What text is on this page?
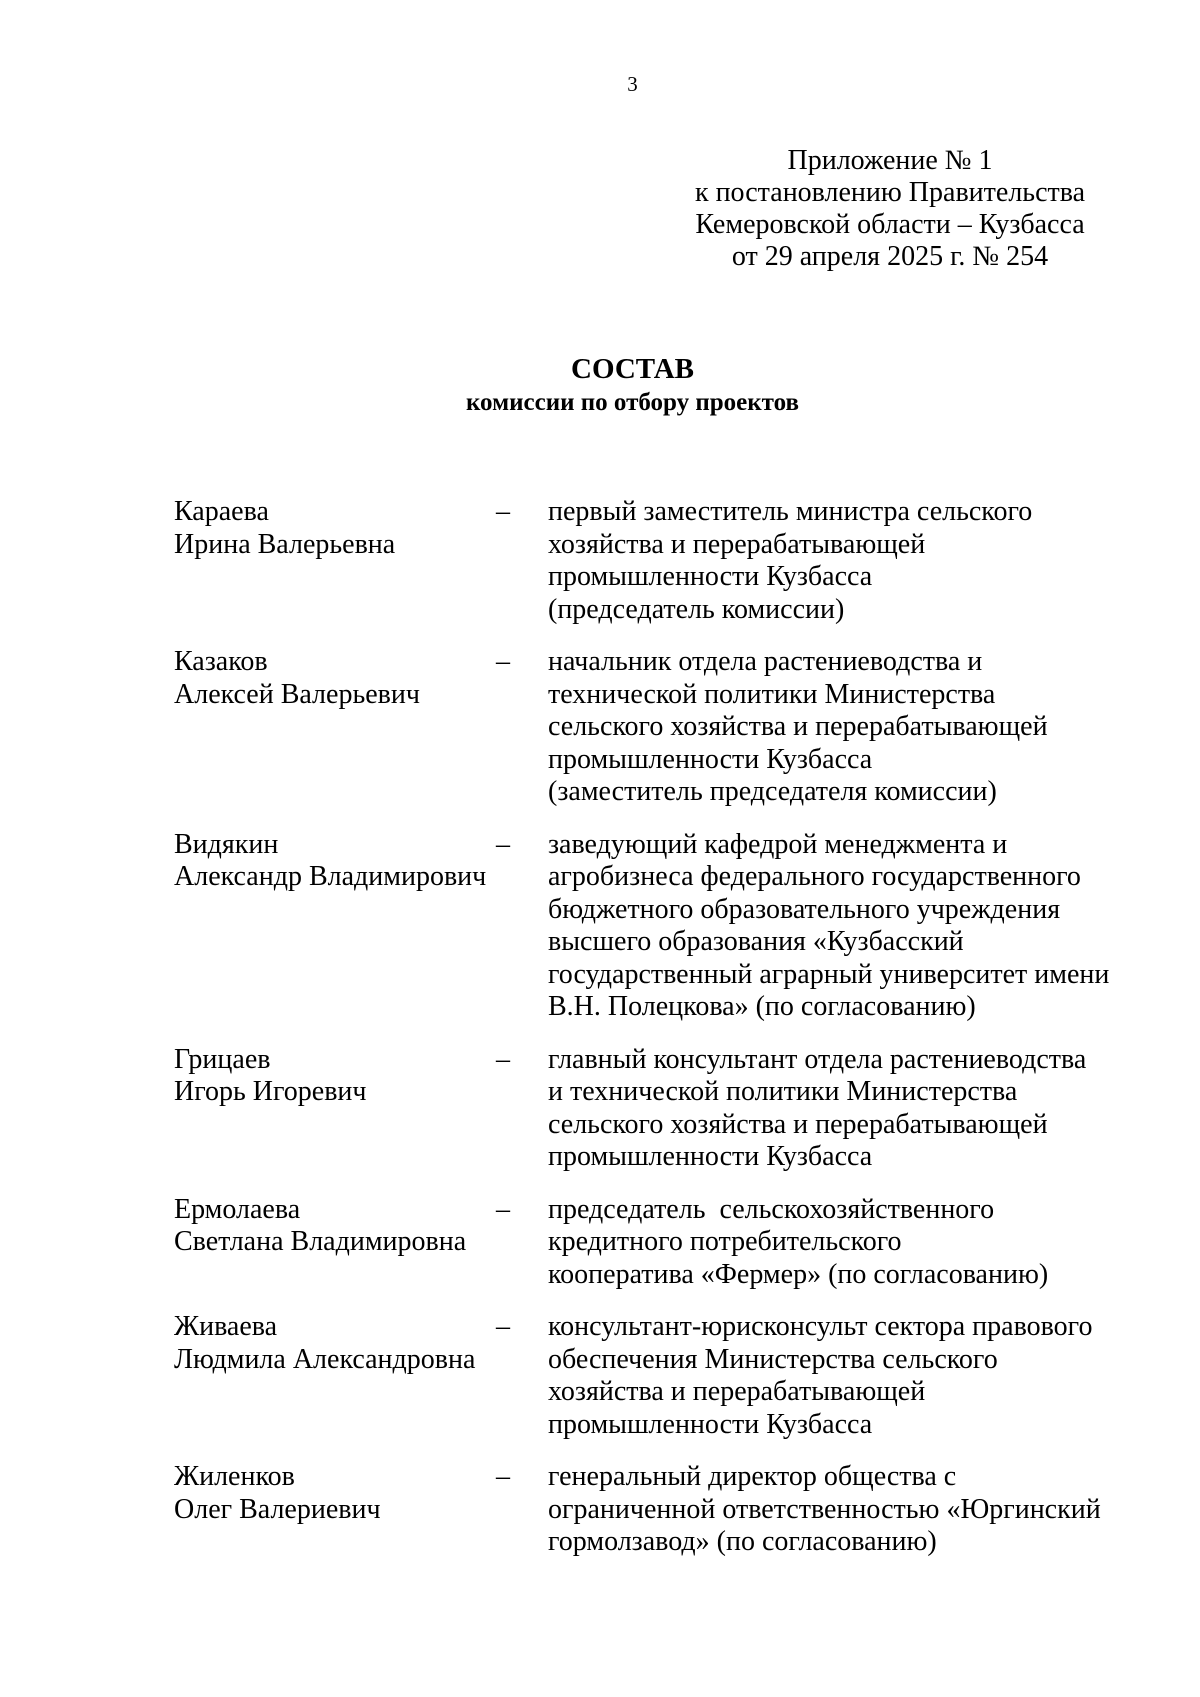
3
Приложение № 1
к постановлению Правительства
Кемеровской области – Кузбасса
от 29 апреля 2025 г. № 254
СОСТАВ
комиссии по отбору проектов
Караева
Ирина Валерьевна
–	первый заместитель министра сельского
хозяйства и перерабатывающей
промышленности Кузбасса
(председатель комиссии)
Казаков
Алексей Валерьевич
–	начальник отдела растениеводства и
технической политики Министерства
сельского хозяйства и перерабатывающей
промышленности Кузбасса
(заместитель председателя комиссии)
Видякин
Александр Владимирович
–	заведующий кафедрой менеджмента и
агробизнеса федерального государственного
бюджетного образовательного учреждения
высшего образования «Кузбасский
государственный аграрный университет имени
В.Н. Полецкова» (по согласованию)
Грицаев
Игорь Игоревич
–	главный консультант отдела растениеводства
и технической политики Министерства
сельского хозяйства и перерабатывающей
промышленности Кузбасса
Ермолаева
Светлана Владимировна
–	председатель  сельскохозяйственного
кредитного потребительского
кооператива «Фермер» (по согласованию)
Живаева
Людмила Александровна
–	консультант-юрисконсульт сектора правового
обеспечения Министерства сельского
хозяйства и перерабатывающей
промышленности Кузбасса
Жиленков
Олег Валериевич
–	генеральный директор общества с
ограниченной ответственностью «Юргинский
гормолзавод» (по согласованию)
